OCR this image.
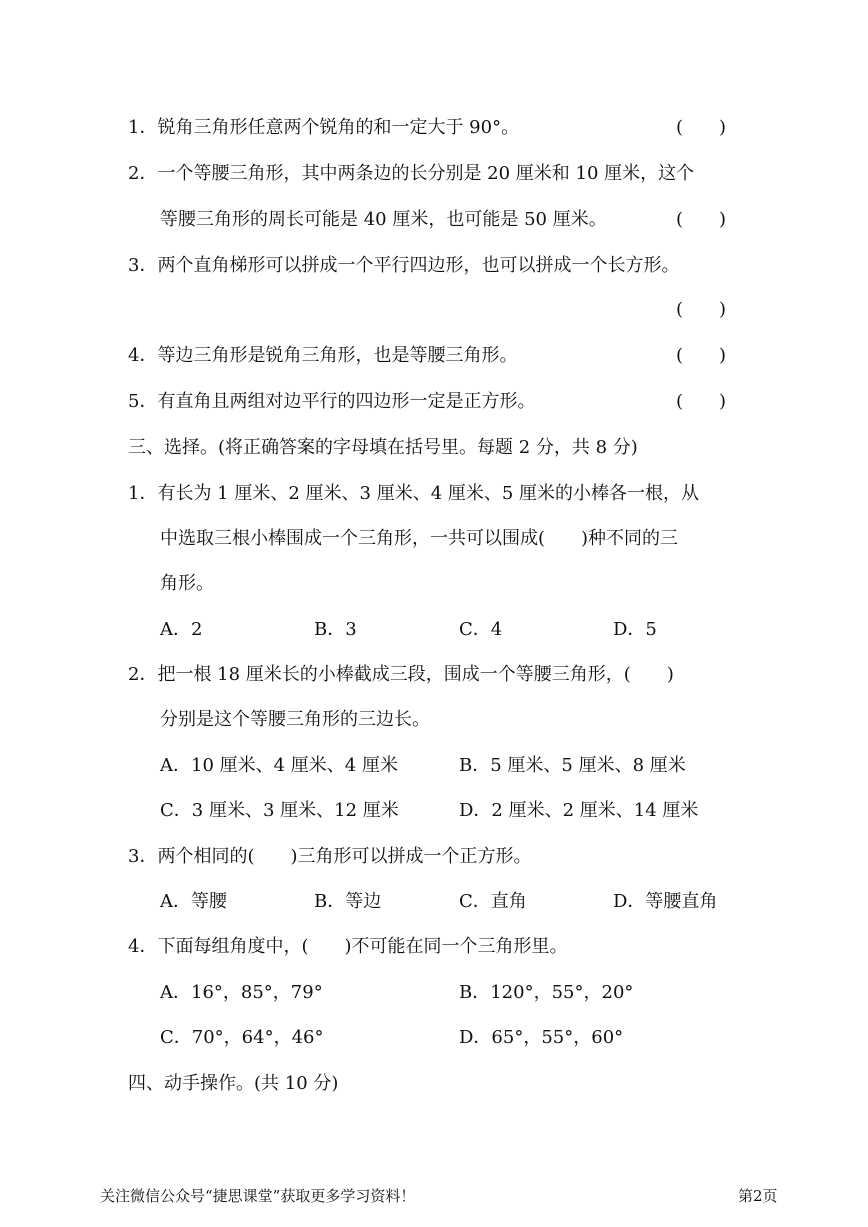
1．锐角三角形任意两个锐角的和一定大于 90°。	(　　)
2．一个等腰三角形，其中两条边的长分别是 20 厘米和 10 厘米，这个
等腰三角形的周长可能是 40 厘米，也可能是 50 厘米。	(　　)
3．两个直角梯形可以拼成一个平行四边形，也可以拼成一个长方形。
(　　)
4．等边三角形是锐角三角形，也是等腰三角形。	(　　)
5．有直角且两组对边平行的四边形一定是正方形。	(　　)
三、选择。(将正确答案的字母填在括号里。每题 2 分，共 8 分)
1．有长为 1 厘米、2 厘米、3 厘米、4 厘米、5 厘米的小棒各一根，从
中选取三根小棒围成一个三角形，一共可以围成(　　)种不同的三
角形。
A．2	B．3	C．4	D．5
2．把一根 18 厘米长的小棒截成三段，围成一个等腰三角形，(　　)
分别是这个等腰三角形的三边长。
A．10 厘米、4 厘米、4 厘米	B．5 厘米、5 厘米、8 厘米
C．3 厘米、3 厘米、12 厘米	D．2 厘米、2 厘米、14 厘米
3．两个相同的(　　)三角形可以拼成一个正方形。
A．等腰	B．等边	C．直角	D．等腰直角
4．下面每组角度中，(　　)不可能在同一个三角形里。
A．16°，85°，79°	B．120°，55°，20°
C．70°，64°，46°	D．65°，55°，60°
四、动手操作。(共 10 分)
关注微信公众号“捷思课堂”获取更多学习资料！	第2页
